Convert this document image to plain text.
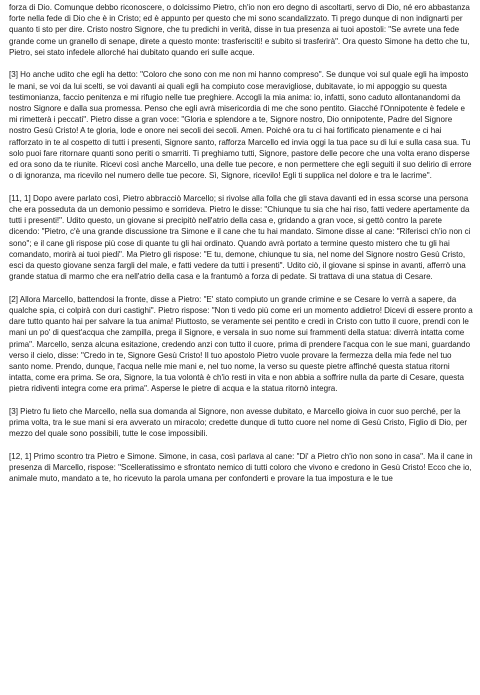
forza di Dio. Comunque debbo riconoscere, o dolcissimo Pietro, ch'io non ero degno di ascoltarti, servo di Dio, né ero abbastanza forte nella fede di Dio che è in Cristo; ed è appunto per questo che mi sono scandalizzato. Ti prego dunque di non indignarti per quanto ti sto per dire. Cristo nostro Signore, che tu predichi in verità, disse in tua presenza ai tuoi apostoli: "Se avrete una fede grande come un granello di senape, direte a questo monte: trasferisciti! e subito si trasferirà". Ora questo Simone ha detto che tu, Pietro, sei stato infedele allorché hai dubitato quando eri sulle acque.

[3] Ho anche udito che egli ha detto: "Coloro che sono con me non mi hanno compreso". Se dunque voi sul quale egli ha imposto le mani, se voi da lui scelti, se voi davanti ai quali egli ha compiuto cose meravigliose, dubitavate, io mi appoggio su questa testimonianza, faccio penitenza e mi rifugio nelle tue preghiere. Accogli la mia anima: io, infatti, sono caduto allontanandomi da nostro Signore e dalla sua promessa. Penso che egli avrà misericordia di me che sono pentito. Giacché l'Onnipotente è fedele e mi rimetterà i peccati". Pietro disse a gran voce: "Gloria e splendore a te, Signore nostro, Dio onnipotente, Padre del Signore nostro Gesù Cristo! A te gloria, lode e onore nei secoli dei secoli. Amen. Poiché ora tu ci hai fortificato pienamente e ci hai rafforzato in te al cospetto di tutti i presenti, Signore santo, rafforza Marcello ed invia oggi la tua pace su di lui e sulla casa sua. Tu solo puoi fare ritornare quanti sono periti o smarriti. Ti preghiamo tutti, Signore, pastore delle pecore che una volta erano disperse ed ora sono da te riunite. Ricevi così anche Marcello, una delle tue pecore, e non permettere che egli seguiti il suo delirio di errore o di ignoranza, ma ricevilo nel numero delle tue pecore. Sì, Signore, ricevilo! Egli ti supplica nel dolore e tra le lacrime".

[11, 1] Dopo avere parlato così, Pietro abbracciò Marcello; si rivolse alla folla che gli stava davanti ed in essa scorse una persona che era posseduta da un demonio pessimo e sorrideva. Pietro le disse: "Chiunque tu sia che hai riso, fatti vedere apertamente da tutti i presenti!". Udito questo, un giovane si precipitò nell'atrio della casa e, gridando a gran voce, si gettò contro la parete dicendo: "Pietro, c'è una grande discussione tra Simone e il cane che tu hai mandato. Simone disse al cane: "Riferisci ch'io non ci sono"; e il cane gli rispose più cose di quante tu gli hai ordinato. Quando avrà portato a termine questo mistero che tu gli hai comandato, morirà ai tuoi piedi". Ma Pietro gli rispose: "E tu, demone, chiunque tu sia, nel nome del Signore nostro Gesù Cristo, esci da questo giovane senza fargli del male, e fatti vedere da tutti i presenti". Udito ciò, il giovane si spinse in avanti, afferrò una grande statua di marmo che era nell'atrio della casa e la frantumò a forza di pedate. Si trattava di una statua di Cesare.

[2] Allora Marcello, battendosi la fronte, disse a Pietro: "E' stato compiuto un grande crimine e se Cesare lo verrà a sapere, da qualche spia, ci colpirà con duri castighi". Pietro rispose: "Non ti vedo più come eri un momento addietro! Dicevi di essere pronto a dare tutto quanto hai per salvare la tua anima! Piuttosto, se veramente sei pentito e credi in Cristo con tutto il cuore, prendi con le mani un po' di quest'acqua che zampilla, prega il Signore, e versala in suo nome sui frammenti della statua: diverrà intatta come prima". Marcello, senza alcuna esitazione, credendo anzi con tutto il cuore, prima di prendere l'acqua con le sue mani, guardando verso il cielo, disse: "Credo in te, Signore Gesù Cristo! Il tuo apostolo Pietro vuole provare la fermezza della mia fede nel tuo santo nome. Prendo, dunque, l'acqua nelle mie mani e, nel tuo nome, la verso su queste pietre affinché questa statua ritorni intatta, come era prima. Se ora, Signore, la tua volontà è ch'io resti in vita e non abbia a soffrire nulla da parte di Cesare, questa pietra ridiventi integra come era prima". Asperse le pietre di acqua e la statua ritornò integra.

[3] Pietro fu lieto che Marcello, nella sua domanda al Signore, non avesse dubitato, e Marcello gioiva in cuor suo perché, per la prima volta, tra le sue mani si era avverato un miracolo; credette dunque di tutto cuore nel nome di Gesù Cristo, Figlio di Dio, per mezzo del quale sono possibili, tutte le cose impossibili.

[12, 1] Primo scontro tra Pietro e Simone. Simone, in casa, così parlava al cane: "Di' a Pietro ch'io non sono in casa". Ma il cane in presenza di Marcello, rispose: "Scelleratissimo e sfrontato nemico di tutti coloro che vivono e credono in Gesù Cristo! Ecco che io, animale muto, mandato a te, ho ricevuto la parola umana per confonderti e provare la tua impostura e le tue
